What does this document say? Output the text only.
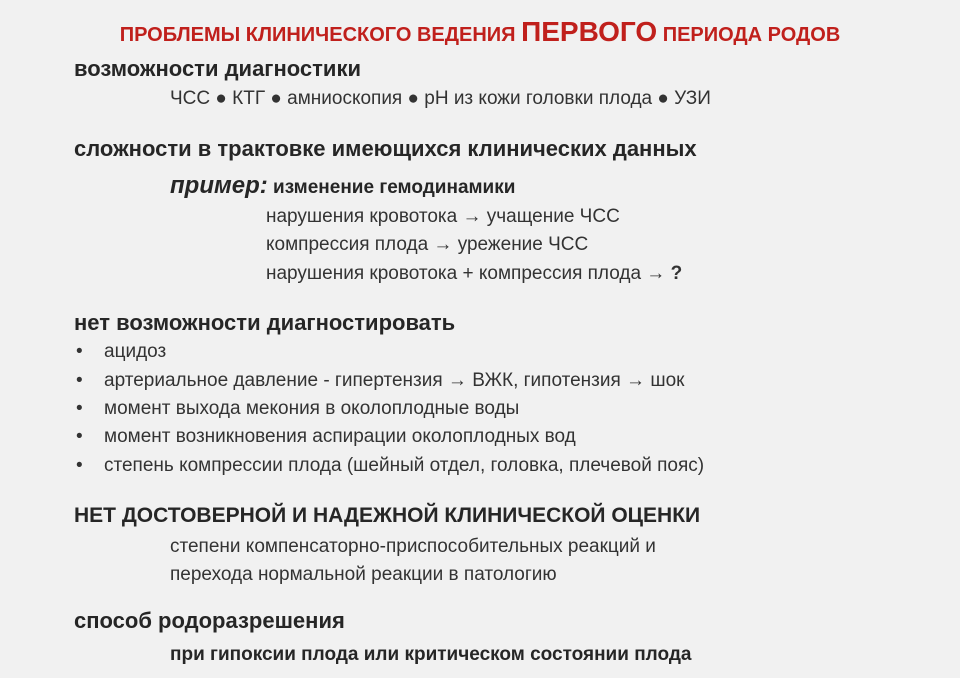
ПРОБЛЕМЫ КЛИНИЧЕСКОГО ВЕДЕНИЯ ПЕРВОГО ПЕРИОДА РОДОВ
возможности диагностики
ЧСС ● КТГ ● амниоскопия ● рН из кожи головки плода ● УЗИ
сложности в трактовке имеющихся клинических данных
пример: изменение гемодинамики
нарушения кровотока → учащение ЧСС
компрессия плода → урежение ЧСС
нарушения кровотока + компрессия плода → ?
нет возможности диагностировать
• ацидоз
• артериальное давление - гипертензия → ВЖК, гипотензия → шок
• момент выхода мекония в околоплодные воды
• момент возникновения аспирации околоплодных вод
• степень компрессии плода (шейный отдел, головка, плечевой пояс)
НЕТ ДОСТОВЕРНОЙ И НАДЕЖНОЙ КЛИНИЧЕСКОЙ ОЦЕНКИ
степени компенсаторно-приспособительных реакций и
перехода нормальной реакции в патологию
способ родоразрешения
при гипоксии плода или критическом состоянии плода
